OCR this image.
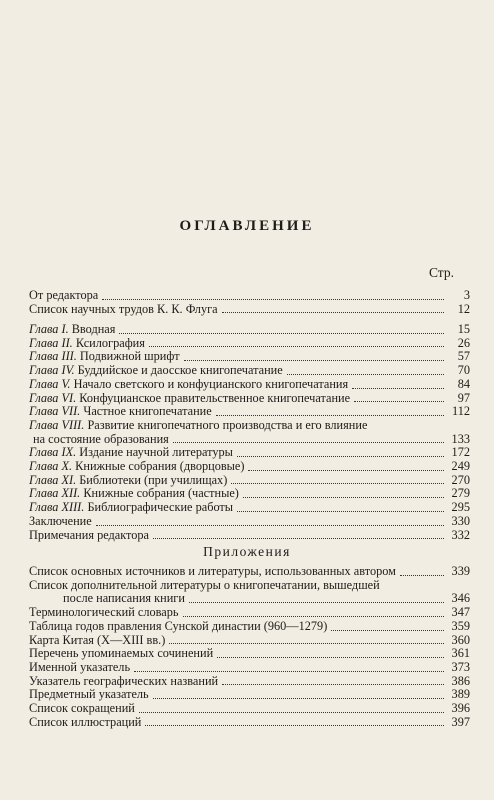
ОГЛАВЛЕНИЕ
Стр.
От редактора	3
Список научных трудов К. К. Флуга	12
Глава I. Вводная	15
Глава II. Ксилография	26
Глава III. Подвижной шрифт	57
Глава IV. Буддийское и даосское книгопечатание	70
Глава V. Начало светского и конфуцианского книгопечатания	84
Глава VI. Конфуцианское правительственное книгопечатание	97
Глава VII. Частное книгопечатание	112
Глава VIII. Развитие книгопечатного производства и его влияние
на состояние образования	133
Глава IX. Издание научной литературы	172
Глава X. Книжные собрания (дворцовые)	249
Глава XI. Библиотеки (при училищах)	270
Глава XII. Книжные собрания (частные)	279
Глава XIII. Библиографические работы	295
Заключение	330
Примечания редактора	332
Приложения
Список основных источников и литературы, использованных автором	339
Список дополнительной литературы о книгопечатании, вышедшей
после написания книги	346
Терминологический словарь	347
Таблица годов правления Сунской династии (960—1279)	359
Карта Китая (X—XIII вв.)	360
Перечень упоминаемых сочинений	361
Именной указатель	373
Указатель географических названий	386
Предметный указатель	389
Список сокращений	396
Список иллюстраций	397
